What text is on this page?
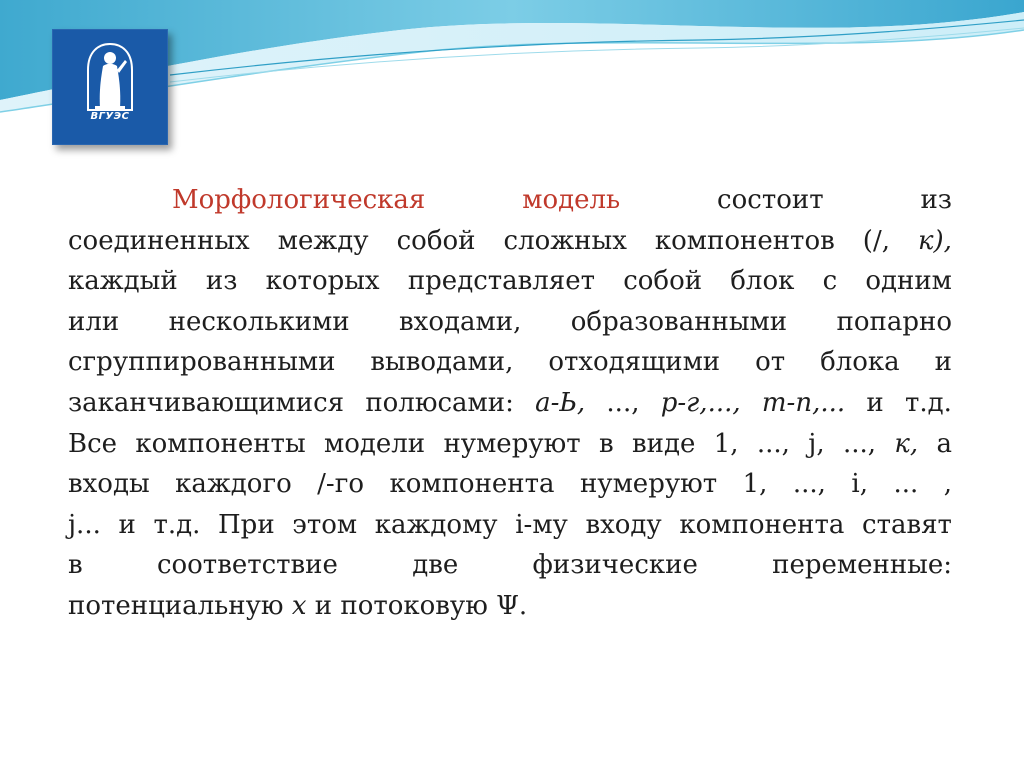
ВГУЭС
Морфологическая	модель	состоит	из
соединенных между собой сложных компонентов (/, к),
каждый из которых представляет собой блок с одним
или несколькими входами, образованными попарно
сгруппированными выводами, отходящими от блока и
заканчивающимися полюсами: а-Ь, ..., р-г,..., т-п,... и т.д.
Все компоненты модели нумеруют в виде 1, ..., j, ..., к, а
входы каждого /-го компонента нумеруют 1, ..., і, ... ,
j... и т.д. При этом каждому і-му входу компонента ставят
в	соответствие	две	физические	переменные:
потенциальную х и потоковую Ψ.
